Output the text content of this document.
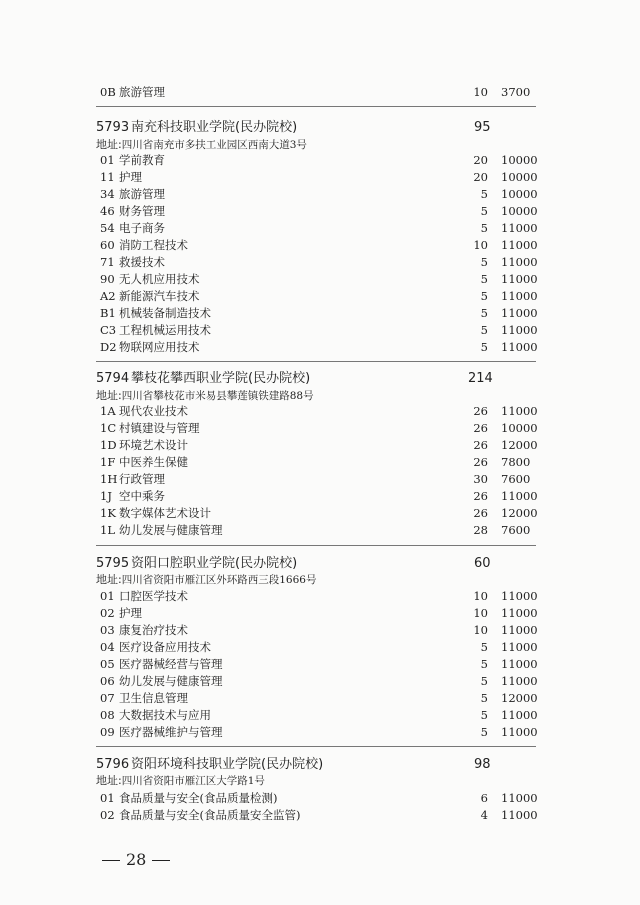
0B 旅游管理	10 3700
5793 南充科技职业学院(民办院校)	95
地址:四川省南充市多扶工业园区西南大道3号
01 学前教育	20 10000
11 护理	20 10000
34 旅游管理	5 10000
46 财务管理	5 10000
54 电子商务	5 11000
60 消防工程技术	10 11000
71 救援技术	5 11000
90 无人机应用技术	5 11000
A2 新能源汽车技术	5 11000
B1 机械装备制造技术	5 11000
C3 工程机械运用技术	5 11000
D2 物联网应用技术	5 11000
5794 攀枝花攀西职业学院(民办院校)	214
地址:四川省攀枝花市米易县攀莲镇铁建路88号
1A 现代农业技术	26 11000
1C 村镇建设与管理	26 10000
1D 环境艺术设计	26 12000
1F 中医养生保健	26 7800
1H 行政管理	30 7600
1J 空中乘务	26 11000
1K 数字媒体艺术设计	26 12000
1L 幼儿发展与健康管理	28 7600
5795 资阳口腔职业学院(民办院校)	60
地址:四川省资阳市雁江区外环路西三段1666号
01 口腔医学技术	10 11000
02 护理	10 11000
03 康复治疗技术	10 11000
04 医疗设备应用技术	5 11000
05 医疗器械经营与管理	5 11000
06 幼儿发展与健康管理	5 11000
07 卫生信息管理	5 12000
08 大数据技术与应用	5 11000
09 医疗器械维护与管理	5 11000
5796 资阳环境科技职业学院(民办院校)	98
地址:四川省资阳市雁江区大学路1号
01 食品质量与安全(食品质量检测)	6 11000
02 食品质量与安全(食品质量安全监管)	4 11000
28
